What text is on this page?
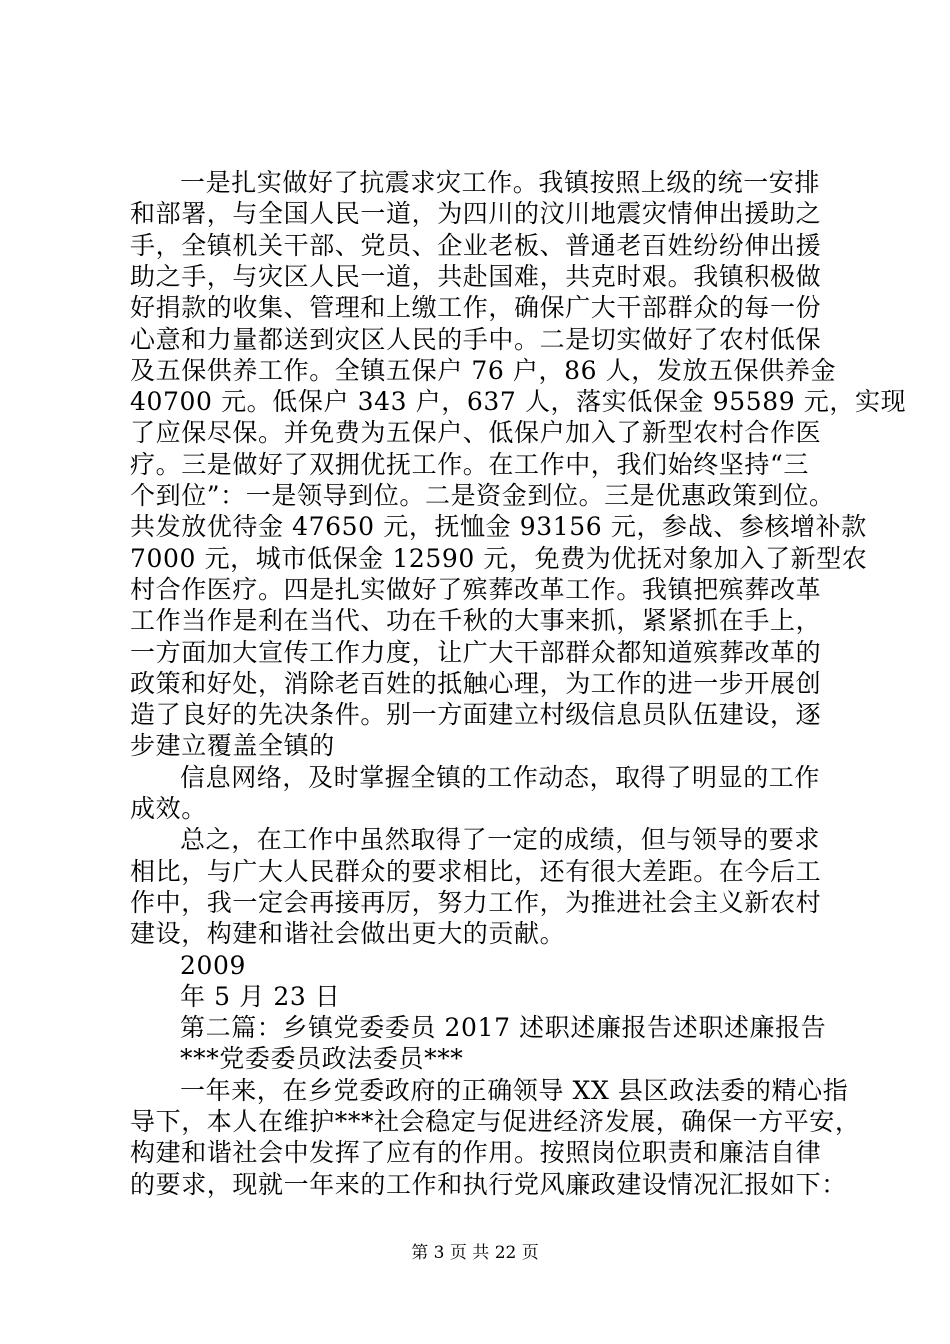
一是扎实做好了抗震求灾工作。我镇按照上级的统一安排
和部署，与全国人民一道，为四川的汶川地震灾情伸出援助之
手，全镇机关干部、党员、企业老板、普通老百姓纷纷伸出援
助之手，与灾区人民一道，共赴国难，共克时艰。我镇积极做
好捐款的收集、管理和上缴工作，确保广大干部群众的每一份
心意和力量都送到灾区人民的手中。二是切实做好了农村低保
及五保供养工作。全镇五保户 76 户，86 人，发放五保供养金
40700 元。低保户 343 户，637 人，落实低保金 95589 元，实现
了应保尽保。并免费为五保户、低保户加入了新型农村合作医
疗。三是做好了双拥优抚工作。在工作中，我们始终坚持“三
个到位”：一是领导到位。二是资金到位。三是优惠政策到位。
共发放优待金 47650 元，抚恤金 93156 元，参战、参核增补款
7000 元，城市低保金 12590 元，免费为优抚对象加入了新型农
村合作医疗。四是扎实做好了殡葬改革工作。我镇把殡葬改革
工作当作是利在当代、功在千秋的大事来抓，紧紧抓在手上，
一方面加大宣传工作力度，让广大干部群众都知道殡葬改革的
政策和好处，消除老百姓的抵触心理，为工作的进一步开展创
造了良好的先决条件。别一方面建立村级信息员队伍建设，逐
步建立覆盖全镇的
信息网络，及时掌握全镇的工作动态，取得了明显的工作
成效。
总之，在工作中虽然取得了一定的成绩，但与领导的要求
相比，与广大人民群众的要求相比，还有很大差距。在今后工
作中，我一定会再接再厉，努力工作，为推进社会主义新农村
建设，构建和谐社会做出更大的贡献。
2009
年 5 月 23 日
第二篇：乡镇党委委员 2017 述职述廉报告述职述廉报告
***党委委员政法委员***
一年来，在乡党委政府的正确领导 XX 县区政法委的精心指
导下，本人在维护***社会稳定与促进经济发展，确保一方平安，
构建和谐社会中发挥了应有的作用。按照岗位职责和廉洁自律
的要求，现就一年来的工作和执行党风廉政建设情况汇报如下：
第 3 页 共 22 页
